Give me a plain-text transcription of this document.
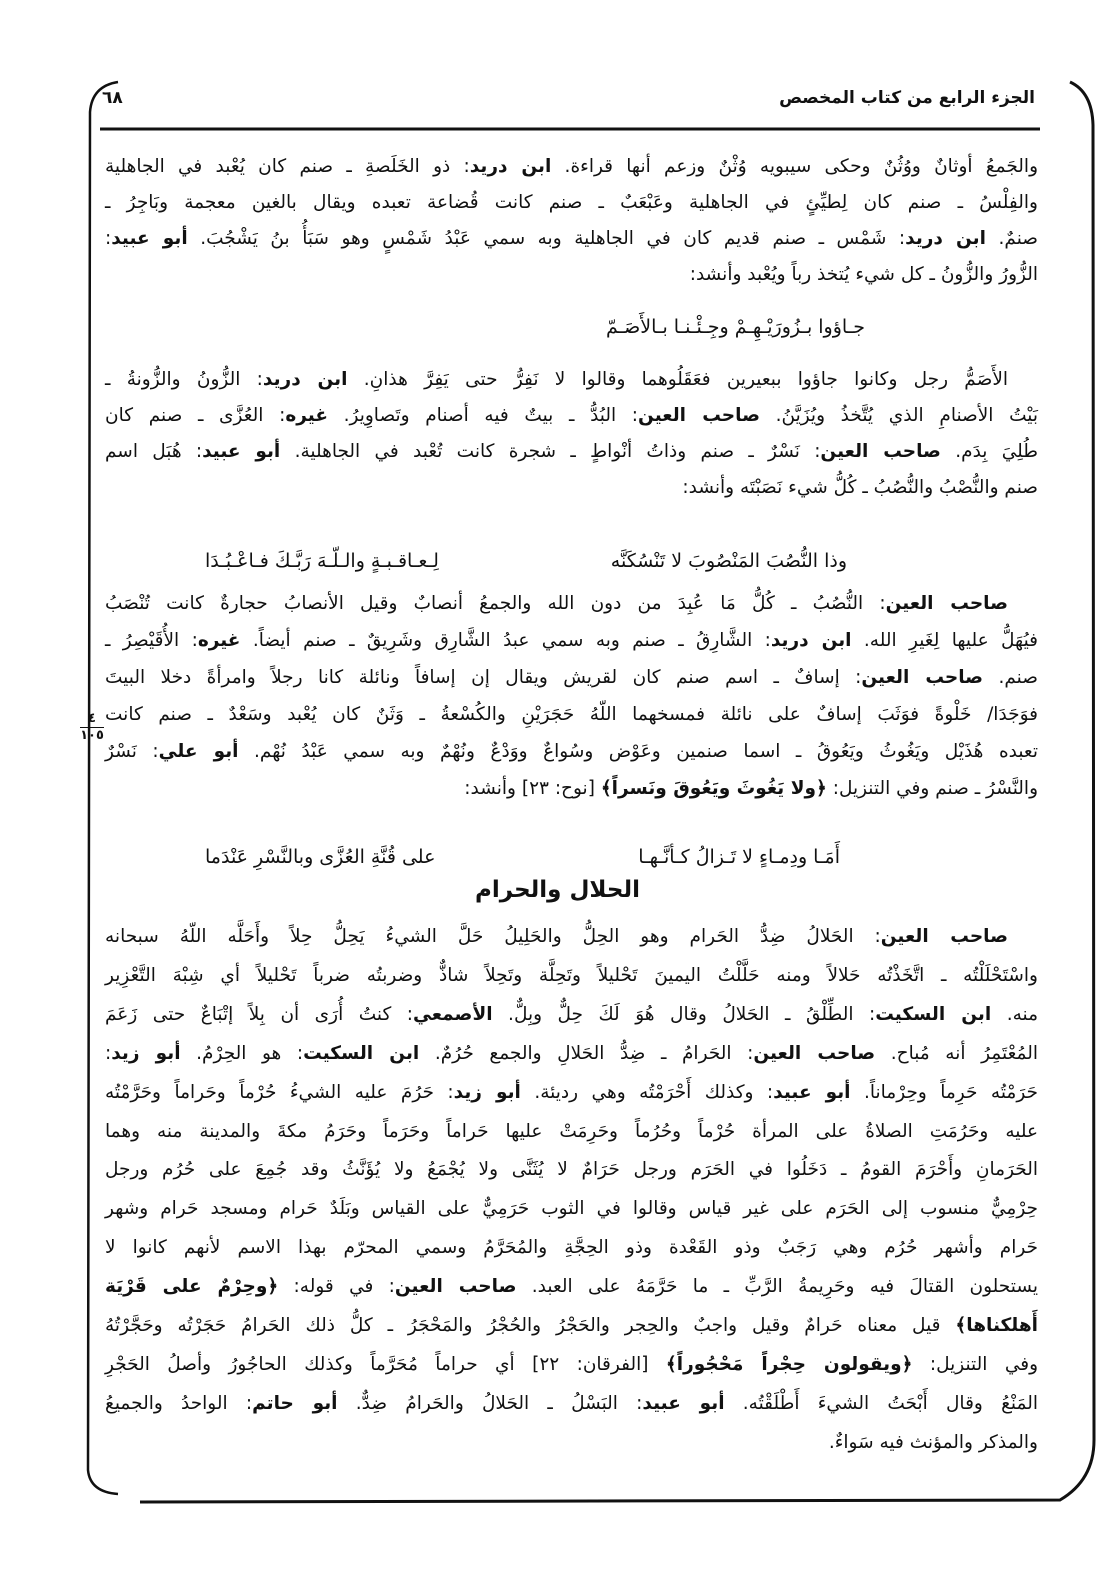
الجزء الرابع من كتاب المخصص
٦٨
٤
١٠٥
جـاؤوا بـزُورَيْـهِـمْ وجِـئْـنـا بـالأَصَـمّ
وذا النُّصُبَ المَنْصُوبَ لا تَنْسُكَنَّه
لِـعـاقـبـةٍ والـلّـهَ رَبَّـكَ فـاعْـبُـدَا
أَمَـا ودِمـاءٍ لا تَـزالُ كـأنَّـهـا
على قُنَّةِ العُزَّى وبالنَّسْرِ عَنْدَما
الحلال والحرام
والجَمعُ أوثانٌ ووُثُنٌ وحكى سيبويه وُثْنٌ وزعم أنها قراءة. ابن دريد: ذو الخَلَصةِ ـ صنم كان يُعْبد في الجاهلية
والفِلْسُ ـ صنم كان لِطيِّئٍ في الجاهلية وعَبْعَبٌ ـ صنم كانت قُضاعة تعبده ويقال بالغين معجمة وبَاجِرُ ـ
صنمٌ. ابن دريد: شَمْس ـ صنم قديم كان في الجاهلية وبه سمي عَبْدُ شَمْسٍ وهو سَبَأُ بنُ يَشْجُبَ. أبو عبيد:
الزُّورُ والزُّونُ ـ كل شيء يُتخذ رباً ويُعْبد وأنشد:
الأَصَمُّ رجل وكانوا جاؤوا ببعيرين فعَقَلُوهما وقالوا لا نَفِرُّ حتى يَفِرَّ هذانِ. ابن دريد: الزُّونُ والزُّونةُ ـ
بَيْتُ الأصنامِ الذي يُتَّخذُ ويُزَيَّنُ. صاحب العين: البُدُّ ـ بيتٌ فيه أصنام وتَصاوِيرُ. غيره: العُزَّى ـ صنم كان
طُلِيَ بِدَم. صاحب العين: نَسْرٌ ـ صنم وذاتُ أنْواطٍ ـ شجرة كانت تُعْبد في الجاهلية. أبو عبيد: هُبَل اسم
صنم والنُّصْبُ والنُّصُبُ ـ كُلُّ شيء نَصَبْتَه وأنشد:
صاحب العين: النُّصُبُ ـ كُلُّ مَا عُبِدَ من دون الله والجمعُ أنصابٌ وقيل الأنصابُ حجارةٌ كانت تُنْصَبُ
فيُهَلُّ عليها لِغَيرِ الله. ابن دريد: الشَّارِقُ ـ صنم وبه سمي عبدُ الشَّارِق وشَرِيقٌ ـ صنم أيضاً. غيره: الأُقَيْصِرُ ـ
صنم. صاحب العين: إسافٌ ـ اسم صنم كان لقريش ويقال إن إسافاً ونائلة كانا رجلاً وامرأةً دخلا البيتَ
فوَجَدَا/ خَلْوةً فوَثَبَ إسافٌ على نائلة فمسخهما اللّهُ حَجَرَيْنِ والكُسْعةُ ـ وَثَنٌ كان يُعْبد وسَعْدٌ ـ صنم كانت
تعبده هُذَيْل ويَغُوثُ ويَعُوقُ ـ اسما صنمين وعَوْض وسُواعٌ ووَدْعٌ ونُهْمٌ وبه سمي عَبْدُ نُهْم. أبو علي: نَسْرٌ
والنَّسْرُ ـ صنم وفي التنزيل: ﴿ولا يَغُوثَ ويَعُوقَ ونَسراً﴾ [نوح: ٢٣] وأنشد:
صاحب العين: الحَلالُ ضِدُّ الحَرام وهو الحِلُّ والحَلِيلُ حَلَّ الشيءُ يَحِلُّ حِلاً وأَحَلَّه اللّهُ سبحانه
واسْتَحْلَلْتُه ـ اتَّخَذْتُه حَلالاً ومنه حَلَّلْتُ اليمينَ تَحْليلاً وتَحِلَّة وتَحِلاً شاذٌّ وضربتُه ضرباً تَحْليلاً أي شِبْهَ التَّعْزِير
منه. ابن السكيت: الطِّلْقُ ـ الحَلالُ وقال هُوَ لَكَ حِلٌّ وبِلٌّ. الأصمعي: كنتُ أُرَى أن بِلاً إتْبَاعٌ حتى زَعَمَ
المُعْتَمِرُ أنه مُباح. صاحب العين: الحَرامُ ـ ضِدُّ الحَلالِ والجمع حُرُمٌ. ابن السكيت: هو الحِرْمُ. أبو زيد:
حَرَمْتُه حَرِماً وحِرْماناً. أبو عبيد: وكذلك أَحْرَمْتُه وهي رديئة. أبو زيد: حَرُمَ عليه الشيءُ حُرْماً وحَراماً وحَرَّمْتُه
عليه وحَرُمَتِ الصلاةُ على المرأة حُرْماً وحُرُماً وحَرِمَتْ عليها حَراماً وحَرَماً وحَرَمُ مكةَ والمدينة منه وهما
الحَرَمانِ وأَحْرَمَ القومُ ـ دَخَلُوا في الحَرَم ورجل حَرَامٌ لا يُثَنَّى ولا يُجْمَعُ ولا يُؤَنَّثُ وقد جُمِعَ على حُرُم ورجل
حِرْمِيٌّ منسوب إلى الحَرَم على غير قياس وقالوا في الثوب حَرَمِيٌّ على القياس وبَلَدٌ حَرام ومسجد حَرام وشهر
حَرام وأشهر حُرُم وهي رَجَبٌ وذو القَعْدة وذو الحِجَّةِ والمُحَرَّمُ وسمي المحرّم بهذا الاسم لأنهم كانوا لا
يستحلون القتالَ فيه وحَرِيمةُ الرَّبِّ ـ ما حَرَّمَهُ على العبد. صاحب العين: في قوله: ﴿وحِرْمٌ على قَرْيَة
أَهلكناها﴾ قيل معناه حَرامٌ وقيل واجبٌ والحِجر والحَجْرُ والحُجْرُ والمَحْجَرُ ـ كلُّ ذلك الحَرامُ حَجَرْتُه وحَجَّرْتُهُ
وفي التنزيل: ﴿ويقولون حِجْراً مَحْجُوراً﴾ [الفرقان: ٢٢] أي حراماً مُحَرَّماً وكذلك الحاجُورُ وأصلُ الحَجْرِ
المَنْعُ وقال أَبْحَتُ الشيءَ أَطْلَقْتُه. أبو عبيد: البَسْلُ ـ الحَلالُ والحَرامُ ضِدٌّ. أبو حاتم: الواحدُ والجميعُ
والمذكر والمؤنث فيه سَواءٌ.
